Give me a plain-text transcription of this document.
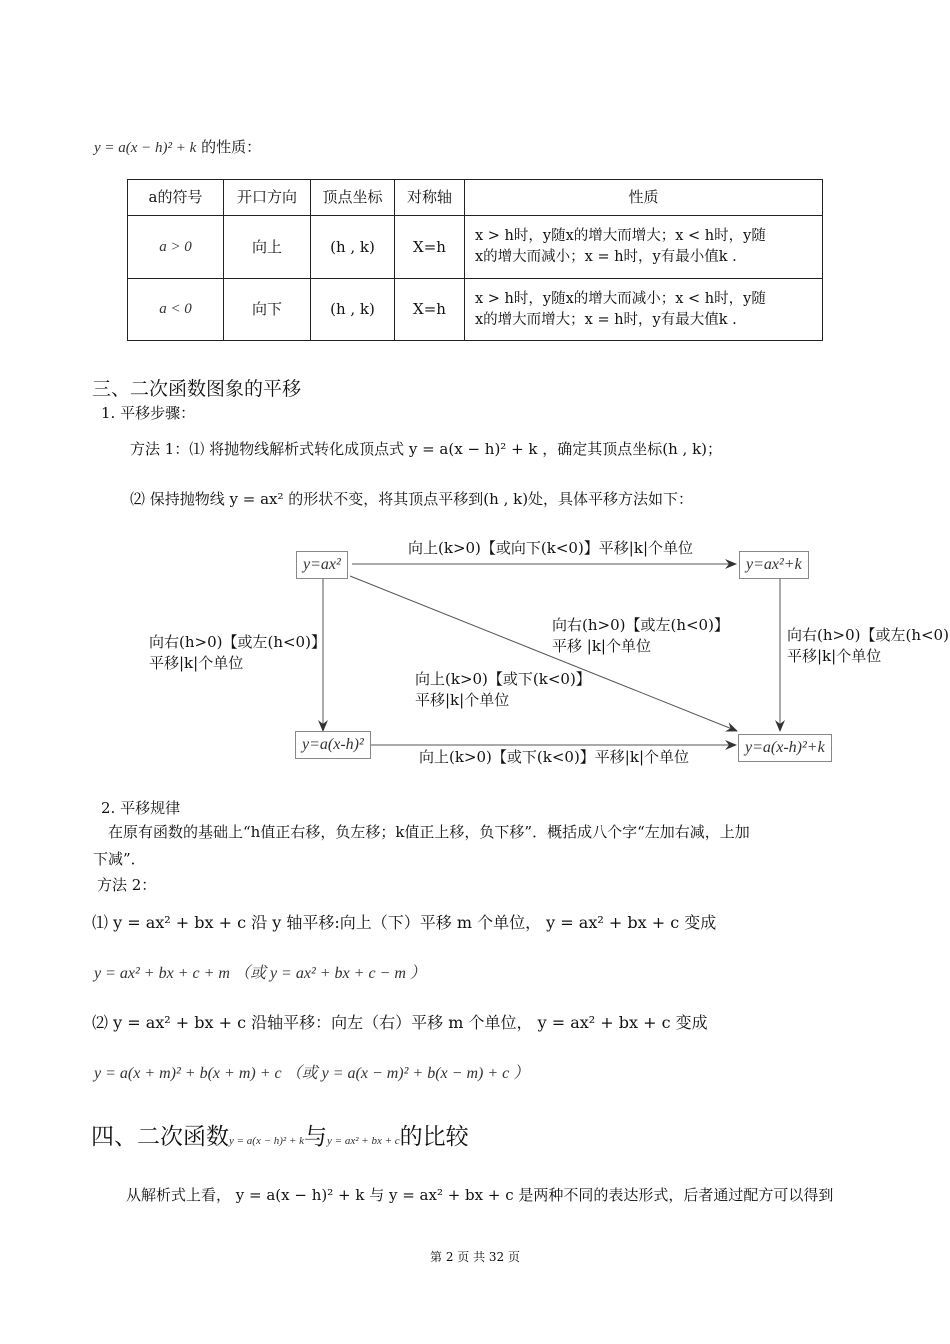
y = a(x − h)² + k 的性质：
a的符号	开口方向	顶点坐标	对称轴	性质
a > 0	向上	(h , k)	X=h	x > h时，y随x的增大而增大；x < h时，y随
x的增大而减小；x = h时，y有最小值k .

a < 0	向下	(h , k)	X=h	x > h时，y随x的增大而减小；x < h时，y随
x的增大而增大；x = h时，y有最大值k .
三、二次函数图象的平移
1. 平移步骤：
方法 1：⑴ 将抛物线解析式转化成顶点式 y = a(x − h)² + k ，确定其顶点坐标(h , k)；
⑵ 保持抛物线 y = ax² 的形状不变，将其顶点平移到(h , k)处，具体平移方法如下：
y=ax²	y=ax²+k
y=a(x-h)²	y=a(x-h)²+k
向上(k>0)【或向下(k<0)】平移|k|个单位
向右(h>0)【或左(h<0)】
平移|k|个单位
向右(h>0)【或左(h<0)】
平移 |k|个单位
向上(k>0)【或下(k<0)】
平移|k|个单位
向右(h>0)【或左(h<0)
平移|k|个单位
向上(k>0)【或下(k<0)】平移|k|个单位
2. 平移规律
在原有函数的基础上“h值正右移，负左移；k值正上移，负下移”．概括成八个字“左加右减，上加
下减”．
方法 2：
⑴ y = ax² + bx + c 沿 y 轴平移:向上（下）平移 m 个单位， y = ax² + bx + c 变成
y = ax² + bx + c + m （或 y = ax² + bx + c − m ）
⑵ y = ax² + bx + c 沿轴平移：向左（右）平移 m 个单位， y = ax² + bx + c 变成
y = a(x + m)² + b(x + m) + c （或 y = a(x − m)² + b(x − m) + c ）
四、二次函数y = a(x − h)² + k与y = ax² + bx + c的比较
从解析式上看， y = a(x − h)² + k 与 y = ax² + bx + c 是两种不同的表达形式，后者通过配方可以得到
第 2 页 共 32 页
